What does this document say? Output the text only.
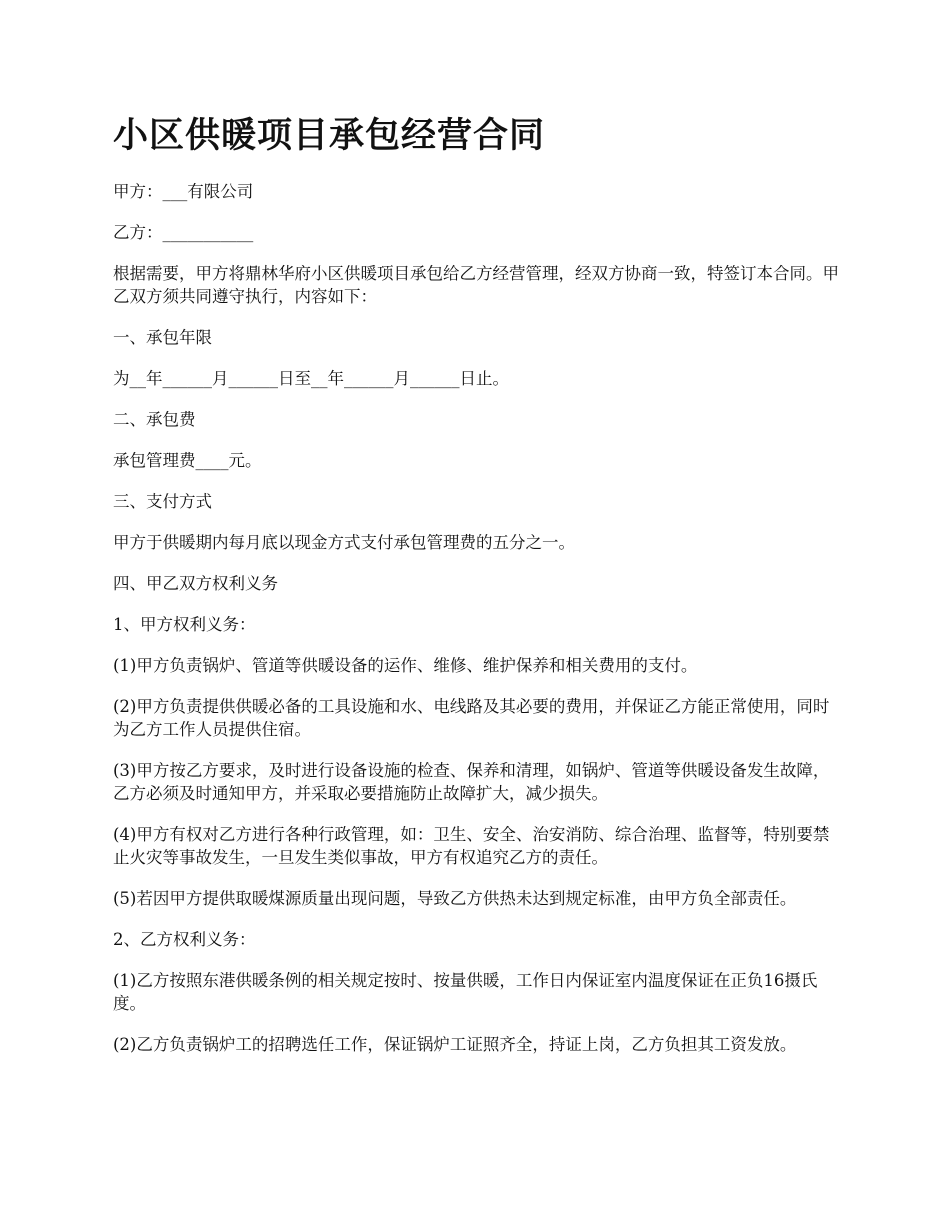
小区供暖项目承包经营合同

甲方：___有限公司

乙方：___________

根据需要，甲方将鼎林华府小区供暖项目承包给乙方经营管理，经双方协商一致，特签订本合同。甲乙双方须共同遵守执行，内容如下：

一、承包年限

为__年______月______日至__年______月______日止。

二、承包费

承包管理费____元。

三、支付方式

甲方于供暖期内每月底以现金方式支付承包管理费的五分之一。

四、甲乙双方权利义务

1、甲方权利义务：

(1)甲方负责锅炉、管道等供暖设备的运作、维修、维护保养和相关费用的支付。

(2)甲方负责提供供暖必备的工具设施和水、电线路及其必要的费用，并保证乙方能正常使用，同时为乙方工作人员提供住宿。

(3)甲方按乙方要求，及时进行设备设施的检查、保养和清理，如锅炉、管道等供暖设备发生故障，乙方必须及时通知甲方，并采取必要措施防止故障扩大，减少损失。

(4)甲方有权对乙方进行各种行政管理，如：卫生、安全、治安消防、综合治理、监督等，特别要禁止火灾等事故发生，一旦发生类似事故，甲方有权追究乙方的责任。

(5)若因甲方提供取暖煤源质量出现问题，导致乙方供热未达到规定标准，由甲方负全部责任。

2、乙方权利义务：

(1)乙方按照东港供暖条例的相关规定按时、按量供暖，工作日内保证室内温度保证在正负16摄氏度。

(2)乙方负责锅炉工的招聘选任工作，保证锅炉工证照齐全，持证上岗，乙方负担其工资发放。
